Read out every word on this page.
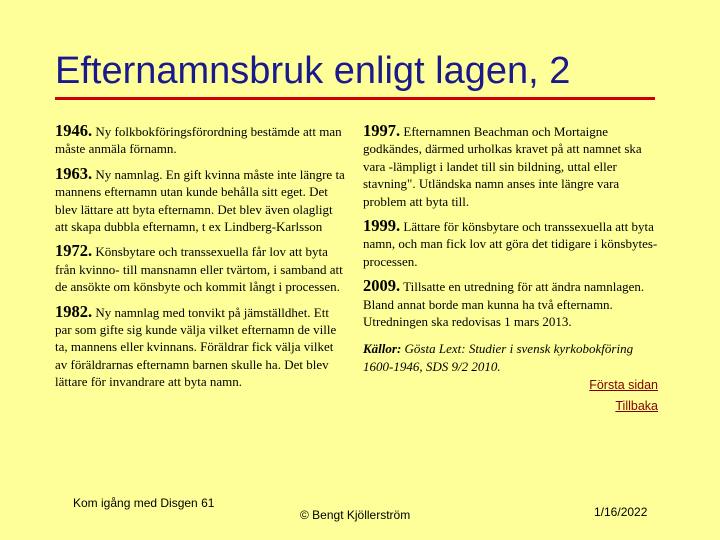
Efternamnsbruk enligt lagen, 2
1946. Ny folkbokföringsförordning bestämde att man måste anmäla förnamn.
1963. Ny namnlag. En gift kvinna måste inte längre ta mannens efternamn utan kunde behålla sitt eget. Det blev lättare att byta efternamn. Det blev även olagligt att skapa dubbla efternamn, t ex Lindberg-Karlsson
1972. Könsbytare och transsexuella får lov att byta från kvinno- till mansnamn eller tvärtom, i samband att de ansökte om könsbyte och kommit långt i processen.
1982. Ny namnlag med tonvikt på jämställdhet. Ett par som gifte sig kunde välja vilket efternamn de ville ta, mannens eller kvinnans. Föräldrar fick välja vilket av föräldrarnas efternamn barnen skulle ha. Det blev lättare för invandrare att byta namn.
1997. Efternamnen Beachman och Mortaigne godkändes, därmed urholkas kravet på att namnet ska vara -lämpligt i landet till sin bildning, uttal eller stavning". Utländska namn anses inte längre vara problem att byta till.
1999. Lättare för könsbytare och transsexuella att byta namn, och man fick lov att göra det tidigare i könsbytes-processen.
2009. Tillsatte en utredning för att ändra namnlagen. Bland annat borde man kunna ha två efternamn. Utredningen ska redovisas 1 mars 2013.
Källor: Gösta Lext: Studier i svensk kyrkobokföring 1600-1946, SDS 9/2 2010.
Första sidan
Tillbaka
Kom igång med Disgen 61
© Bengt Kjöllerström	1/16/2022
